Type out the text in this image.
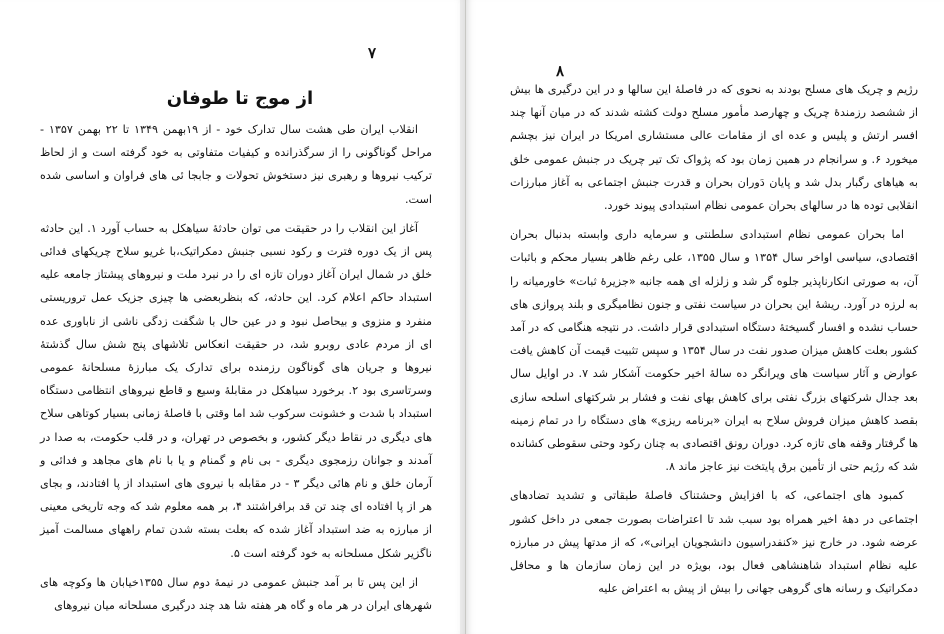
۷
از موج تا طوفان

انقلاب ایران طی هشت سال تدارک خود - از ۱۹بهمن ۱۳۴۹ تا ۲۲ بهمن ۱۳۵۷ - مراحل گوناگونی را از سرگذرانده و کیفیات متفاوتی به خود گرفته است و از لحاظ ترکیب نیروها و رهبری نیز دستخوش تحولات و جابجا ئی های فراوان و اساسی شده است.

آغاز این انقلاب را در حقیقت می توان حادثهٔ سیاهکل به حساب آورد ۱. این حادثه پس از یک دوره فترت و رکود نسبی جنبش دمکراتیک،با غریو سلاح چریکهای فدائی خلق در شمال ایران آغاز دوران تازه ای را در نبرد ملت و نیروهای پیشتاز جامعه علیه استبداد حاکم اعلام کرد. این حادثه، که بنظربعضی ها چیزی جزیک عمل تروریستی منفرد و منزوی و بیحاصل نبود و در عین حال با شگفت زدگی ناشی از ناباوری عده ای از مردم عادی روبرو شد، در حقیقت انعکاس تلاشهای پنج شش سال گذشتهٔ نیروها و جریان های گوناگون رزمنده برای تدارک یک مبارزهٔ مسلحانهٔ عمومی وسرتاسری بود ۲. برخورد سیاهکل در مقابلهٔ وسیع و قاطع نیروهای انتظامی دستگاه استبداد با شدت و خشونت سرکوب شد اما وقتی با فاصلهٔ زمانی بسیار کوتاهی سلاح های دیگری در نقاط دیگر کشور، و بخصوص در تهران، و در قلب حکومت، به صدا در آمدند و جوانان رزمجوی دیگری - بی نام و گمنام و یا با نام های مجاهد و فدائی و آرمان خلق و نام هائی دیگر ۳ - در مقابله با نیروی های استبداد از پا افتادند، و بجای هر از پا افتاده ای چند تن قد برافراشتند ۴، بر همه معلوم شد که وجه تاریخی معینی از مبارزه به ضد استبداد آغاز شده که بعلت بسته شدن تمام راههای مسالمت آمیز ناگزیر شکل مسلحانه به خود گرفته است ۵.

از این پس تا بر آمد جنبش عمومی در نیمهٔ دوم سال ۱۳۵۵خیابان ها وکوچه های شهرهای ایران در هر ماه و گاه هر هفته شا هد چند درگیری مسلحانه میان نیروهای

۸

رژیم و چریک های مسلح بودند به نحوی که در فاصلهٔ این سالها و در این درگیری ها بیش از ششصد رزمندهٔ چریک و چهارصد مأمور مسلح دولت کشته شدند که در میان آنها چند افسر ارتش و پلیس و عده ای از مقامات عالی مستشاری امریکا در ایران نیز بچشم میخورد ۶. و سرانجام در همین زمان بود که پژواک تک تیر چریک در جنبش عمومی خلق به هیاهای رگبار بدل شد و پایان دَوران بحران و قدرت جنبش اجتماعی به آغاز مبارزات انقلابی توده ها در سالهای بحران عمومی نظام استبدادی پیوند خورد.

اما بحران عمومی نظام استبدادی سلطنتی و سرمایه داری وابسته بدنبال بحران اقتصادی، سیاسی اواخر سال ۱۳۵۴ و سال ۱۳۵۵، علی رغم ظاهر بسیار محکم و باثبات آن، به صورتی انکارناپذیر جلوه گر شد و زلزله ای همه جانبه «جزیرهٔ ثبات» خاورمیانه را به لرزه در آورد. ریشهٔ این بحران در سیاست نفتی و جنون نظامیگری و بلند پروازی های حساب نشده و افسار گسیختهٔ دستگاه استبدادی قرار داشت. در نتیجه هنگامی که در آمد کشور بعلت کاهش میزان صدور نفت در سال ۱۳۵۴ و سپس تثبیت قیمت آن کاهش یافت عوارض و آثار سیاست های ویرانگر ده سالهٔ اخیر حکومت آشکار شد ۷. در اوایل سال بعد جدال شرکتهای بزرگ نفتی برای کاهش بهای نفت و فشار بر شرکتهای اسلحه سازی بقصد کاهش میزان فروش سلاح به ایران «برنامه ریزی» های دستگاه را در تمام زمینه ها گرفتار وقفه های تازه کرد. دوران رونق اقتصادی به چنان رکود وحتی سقوطی کشانده شد که رژیم حتی از تأمین برق پایتخت نیز عاجز ماند ۸.

کمبود های اجتماعی، که با افزایش وحشتناک فاصلهٔ طبقاتی و تشدید تضادهای اجتماعی در دههٔ اخیر همراه بود سبب شد تا اعتراضات بصورت جمعی در داخل کشور عرضه شود. در خارج نیز «کنفدراسیون دانشجویان ایرانی»، که از مدتها پیش در مبارزه علیه نظام استبداد شاهنشاهی فعال بود، بویژه در این زمان سازمان ها و محافل دمکراتیک و رسانه های گروهی جهانی را بیش از پیش به اعتراض علیه
